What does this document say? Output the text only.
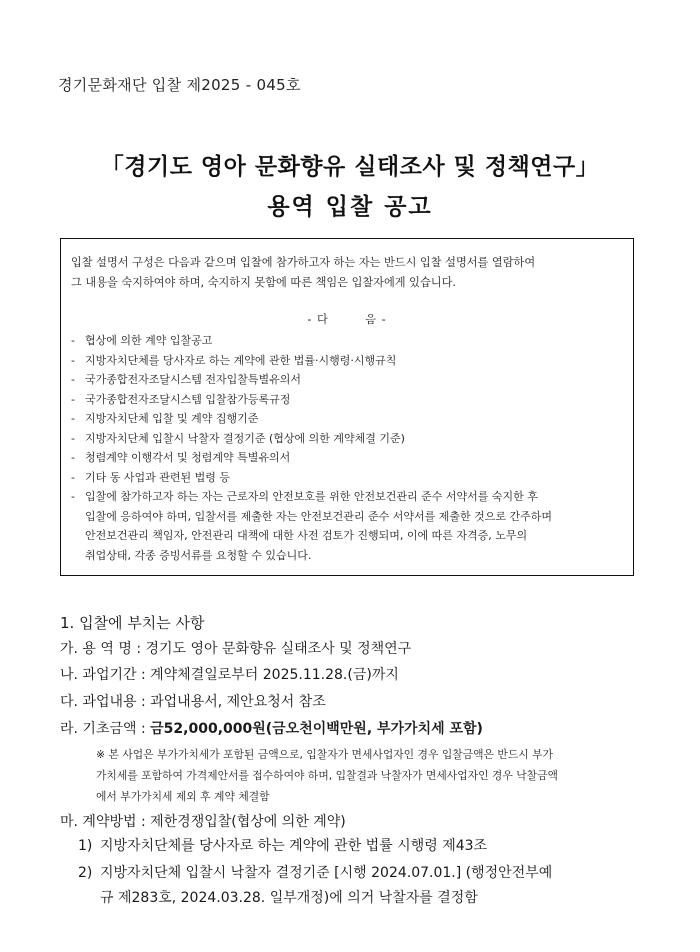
경기문화재단 입찰 제2025 - 045호
「경기도 영아 문화향유 실태조사 및 정책연구」
용역 입찰 공고

입찰 설명서 구성은 다음과 같으며 입찰에 참가하고자 하는 자는 반드시 입찰 설명서를 열람하여
그 내용을 숙지하여야 하며, 숙지하지 못함에 따른 책임은 입찰자에게 있습니다.

- 다        음 -
- 협상에 의한 계약 입찰공고
- 지방자치단체를 당사자로 하는 계약에 관한 법률·시행령·시행규칙
- 국가종합전자조달시스템 전자입찰특별유의서
- 국가종합전자조달시스템 입찰참가등록규정
- 지방자치단체 입찰 및 계약 집행기준
- 지방자치단체 입찰시 낙찰자 결정기준 (협상에 의한 계약체결 기준)
- 청렴계약 이행각서 및 청렴계약 특별유의서
- 기타 동 사업과 관련된 법령 등
- 입찰에 참가하고자 하는 자는 근로자의 안전보호를 위한 안전보건관리 준수 서약서를 숙지한 후
입찰에 응하여야 하며, 입찰서를 제출한 자는 안전보건관리 준수 서약서를 제출한 것으로 간주하며
안전보건관리 책임자, 안전관리 대책에 대한 사전 검토가 진행되며, 이에 따른 자격증, 노무의
취업상태, 각종 증빙서류를 요청할 수 있습니다.
1. 입찰에 부치는 사항
가. 용 역 명 : 경기도 영아 문화향유 실태조사 및 정책연구
나. 과업기간 : 계약체결일로부터 2025.11.28.(금)까지
다. 과업내용 : 과업내용서, 제안요청서 참조
라. 기초금액 : 금52,000,000원(금오천이백만원, 부가가치세 포함)
※ 본 사업은 부가가치세가 포함된 금액으로, 입찰자가 면세사업자인 경우 입찰금액은 반드시 부가
가치세를 포함하여 가격제안서를 접수하여야 하며, 입찰결과 낙찰자가 면세사업자인 경우 낙찰금액
에서 부가가치세 제외 후 계약 체결함
마. 계약방법 : 제한경쟁입찰(협상에 의한 계약)
1) 지방자치단체를 당사자로 하는 계약에 관한 법률 시행령 제43조
2) 지방자치단체 입찰시 낙찰자 결정기준 [시행 2024.07.01.] (행정안전부예
규 제283호, 2024.03.28. 일부개정)에 의거 낙찰자를 결정함
